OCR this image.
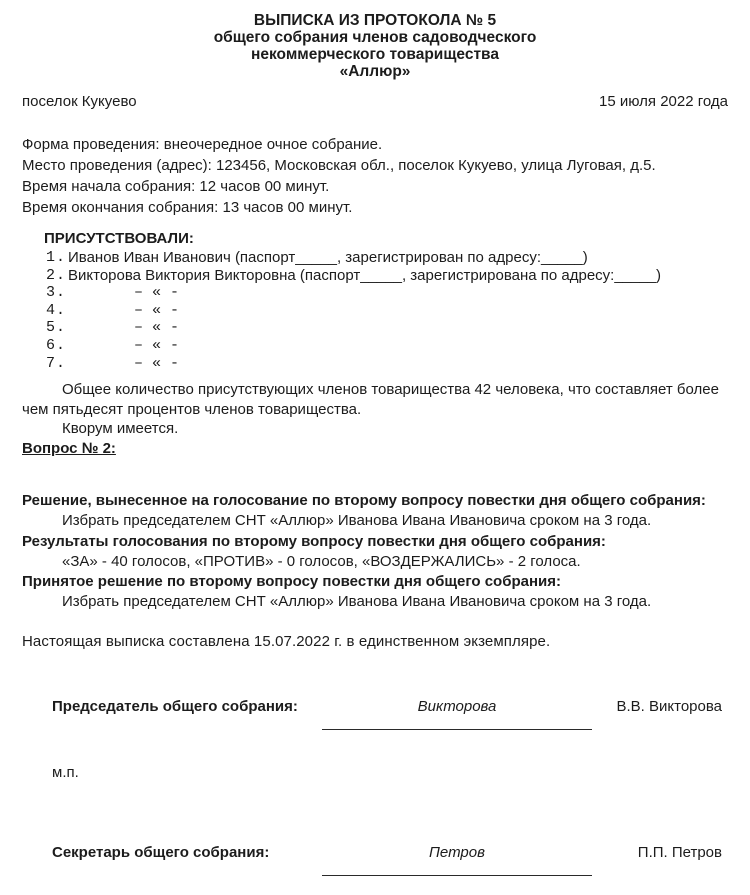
ВЫПИСКА ИЗ ПРОТОКОЛА № 5
общего собрания членов садоводческого
некоммерческого товарищества
«Аллюр»
поселок Кукуево	15 июля 2022 года
Форма проведения: внеочередное очное собрание.
Место проведения (адрес): 123456, Московская обл., поселок Кукуево, улица Луговая, д.5.
Время начала собрания: 12 часов 00 минут.
Время окончания собрания: 13 часов 00 минут.
ПРИСУТСТВОВАЛИ:
1. Иванов Иван Иванович (паспорт_____, зарегистрирован по адресу:_____)
2. Викторова Виктория Викторовна (паспорт_____, зарегистрирована по адресу:_____)
3.	– « -
4.	– « -
5.	– « -
6.	– « -
7.	– « -
Общее количество присутствующих членов товарищества 42 человека, что составляет более чем пятьдесят процентов членов товарищества.
Кворум имеется.
Вопрос № 2:
Решение, вынесенное на голосование по второму вопросу повестки дня общего собрания:
Избрать председателем СНТ «Аллюр» Иванова Ивана Ивановича сроком на 3 года.
Результаты голосования по второму вопросу повестки дня общего собрания:
«ЗА» - 40 голосов, «ПРОТИВ» - 0 голосов, «ВОЗДЕРЖАЛИСЬ» - 2 голоса.
Принятое решение по второму вопросу повестки дня общего собрания:
Избрать председателем СНТ «Аллюр» Иванова Ивана Ивановича сроком на 3 года.
Настоящая выписка составлена 15.07.2022 г. в единственном экземпляре.
Председатель общего собрания:	Викторова	В.В. Викторова
м.п.
Секретарь общего собрания:	Петров	П.П. Петров
